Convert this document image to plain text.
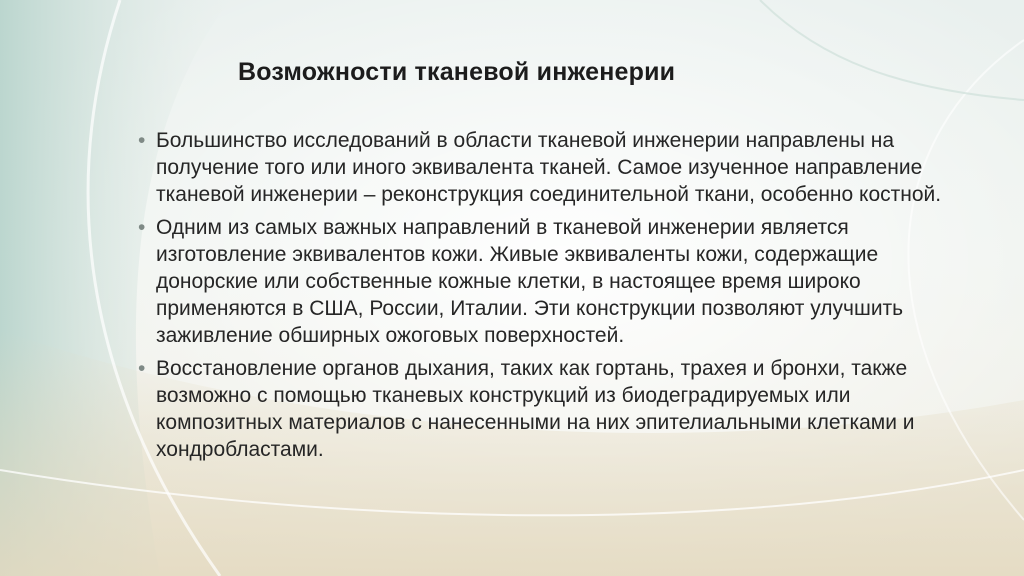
Возможности тканевой инженерии
• Большинство исследований в области тканевой инженерии направлены на получение того или иного эквивалента тканей. Самое изученное направление тканевой инженерии – реконструкция соединительной ткани, особенно костной.
• Одним из самых важных направлений в тканевой инженерии является изготовление эквивалентов кожи. Живые эквиваленты кожи, содержащие донорские или собственные кожные клетки, в настоящее время широко применяются в США, России, Италии. Эти конструкции позволяют улучшить заживление обширных ожоговых поверхностей.
• Восстановление органов дыхания, таких как гортань, трахея и бронхи, также возможно с помощью тканевых конструкций из биодеградируемых или композитных материалов с нанесенными на них эпителиальными клетками и хондробластами.
